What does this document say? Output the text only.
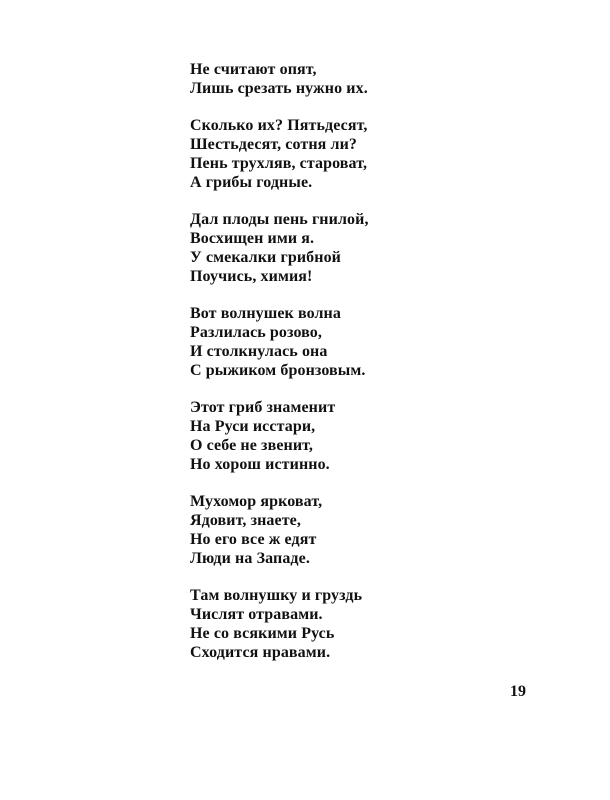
Не считают опят,
Лишь срезать нужно их.
Сколько их? Пятьдесят,
Шестьдесят, сотня ли?
Пень трухляв, староват,
А грибы годные.
Дал плоды пень гнилой,
Восхищен ими я.
У смекалки грибной
Поучись, химия!
Вот волнушек волна
Разлилась розово,
И столкнулась она
С рыжиком бронзовым.
Этот гриб знаменит
На Руси исстари,
О себе не звенит,
Но хорош истинно.
Мухомор ярковат,
Ядовит, знаете,
Но его все ж едят
Люди на Западе.
Там волнушку и груздь
Числят отравами.
Не со всякими Русь
Сходится нравами.
19
